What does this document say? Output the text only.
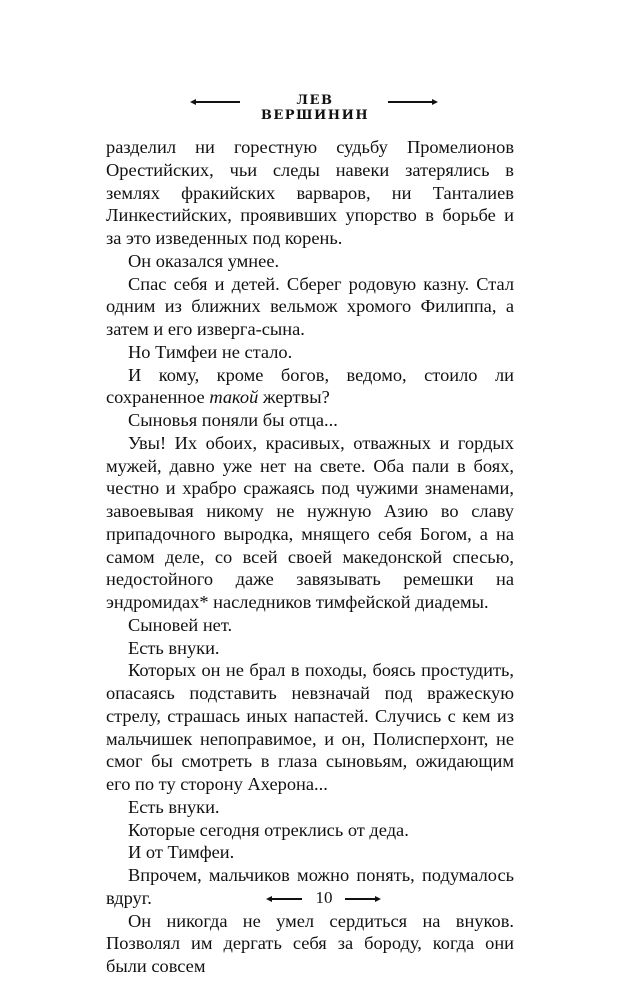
ЛЕВ ВЕРШИНИН

разделил ни горестную судьбу Промелионов Орестийских, чьи следы навеки затерялись в землях фракийских варваров, ни Танталиев Линкестийских, проявивших упорство в борьбе и за это изведенных под корень.

Он оказался умнее.

Спас себя и детей. Сберег родовую казну. Стал одним из ближних вельмож хромого Филиппа, а затем и его изверга-сына.

Но Тимфеи не стало.

И кому, кроме богов, ведомо, стоило ли сохраненное такой жертвы?

Сыновья поняли бы отца...

Увы! Их обоих, красивых, отважных и гордых мужей, давно уже нет на свете. Оба пали в боях, честно и храбро сражаясь под чужими знаменами, завоевывая никому не нужную Азию во славу припадочного выродка, мнящего себя Богом, а на самом деле, со всей своей македонской спесью, недостойного даже завязывать ремешки на эндромидах* наследников тимфейской диадемы.

Сыновей нет.

Есть внуки.

Которых он не брал в походы, боясь простудить, опасаясь подставить невзначай под вражескую стрелу, страшась иных напастей. Случись с кем из мальчишек непоправимое, и он, Полисперхонт, не смог бы смотреть в глаза сыновьям, ожидающим его по ту сторону Ахерона...

Есть внуки.

Которые сегодня отреклись от деда.

И от Тимфеи.

Впрочем, мальчиков можно понять, подумалось вдруг.

Он никогда не умел сердиться на внуков. Позволял им дергать себя за бороду, когда они были совсем

10
